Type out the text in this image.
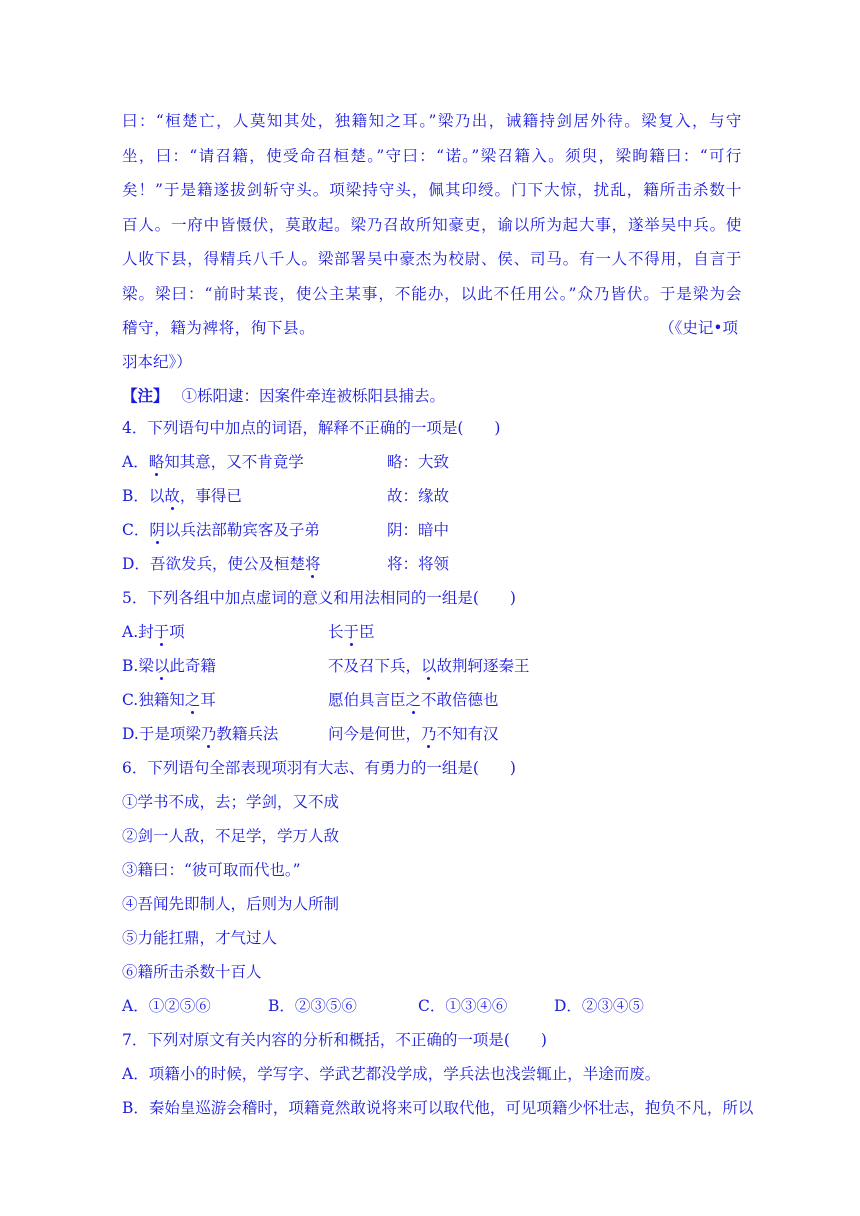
曰：“桓楚亡，人莫知其处，独籍知之耳。”梁乃出，诫籍持剑居外待。梁复入，与守坐，曰：“请召籍，使受命召桓楚。”守曰：“诺。”梁召籍入。须臾，梁眴籍曰：“可行矣！”于是籍遂拔剑斩守头。项梁持守头，佩其印绶。门下大惊，扰乱，籍所击杀数十百人。一府中皆慑伏，莫敢起。梁乃召故所知豪吏，谕以所为起大事，遂举吴中兵。使人收下县，得精兵八千人。梁部署吴中豪杰为校尉、侯、司马。有一人不得用，自言于梁。梁曰：“前时某丧，使公主某事，不能办，以此不任用公。”众乃皆伏。于是梁为会稽守，籍为裨将，徇下县。	（《史记•项

羽本纪》）

【注】 ①栎阳逮：因案件牵连被栎阳县捕去。

4．下列语句中加点的词语，解释不正确的一项是(　　)

A．略知其意，又不肯竟学	略：大致

B．以故，事得已	故：缘故

C．阴以兵法部勒宾客及子弟	阴：暗中

D．吾欲发兵，使公及桓楚将	将：将领

5．下列各组中加点虚词的意义和用法相同的一组是(　　)

A.封于项	长于臣

B.梁以此奇籍	不及召下兵，以故荆轲逐秦王

C.独籍知之耳	愿伯具言臣之不敢倍德也

D.于是项梁乃教籍兵法	问今是何世，乃不知有汉

6．下列语句全部表现项羽有大志、有勇力的一组是(　　)

①学书不成，去；学剑，又不成

②剑一人敌，不足学，学万人敌

③籍曰：“彼可取而代也。”

④吾闻先即制人，后则为人所制

⑤力能扛鼎，才气过人

⑥籍所击杀数十百人

A．①②⑤⑥	B．②③⑤⑥	C．①③④⑥	D．②③④⑤

7．下列对原文有关内容的分析和概括，不正确的一项是(　　)

A．项籍小的时候，学写字、学武艺都没学成，学兵法也浅尝辄止，半途而废。

B．秦始皇巡游会稽时，项籍竟然敢说将来可以取代他，可见项籍少怀壮志，抱负不凡，所以
